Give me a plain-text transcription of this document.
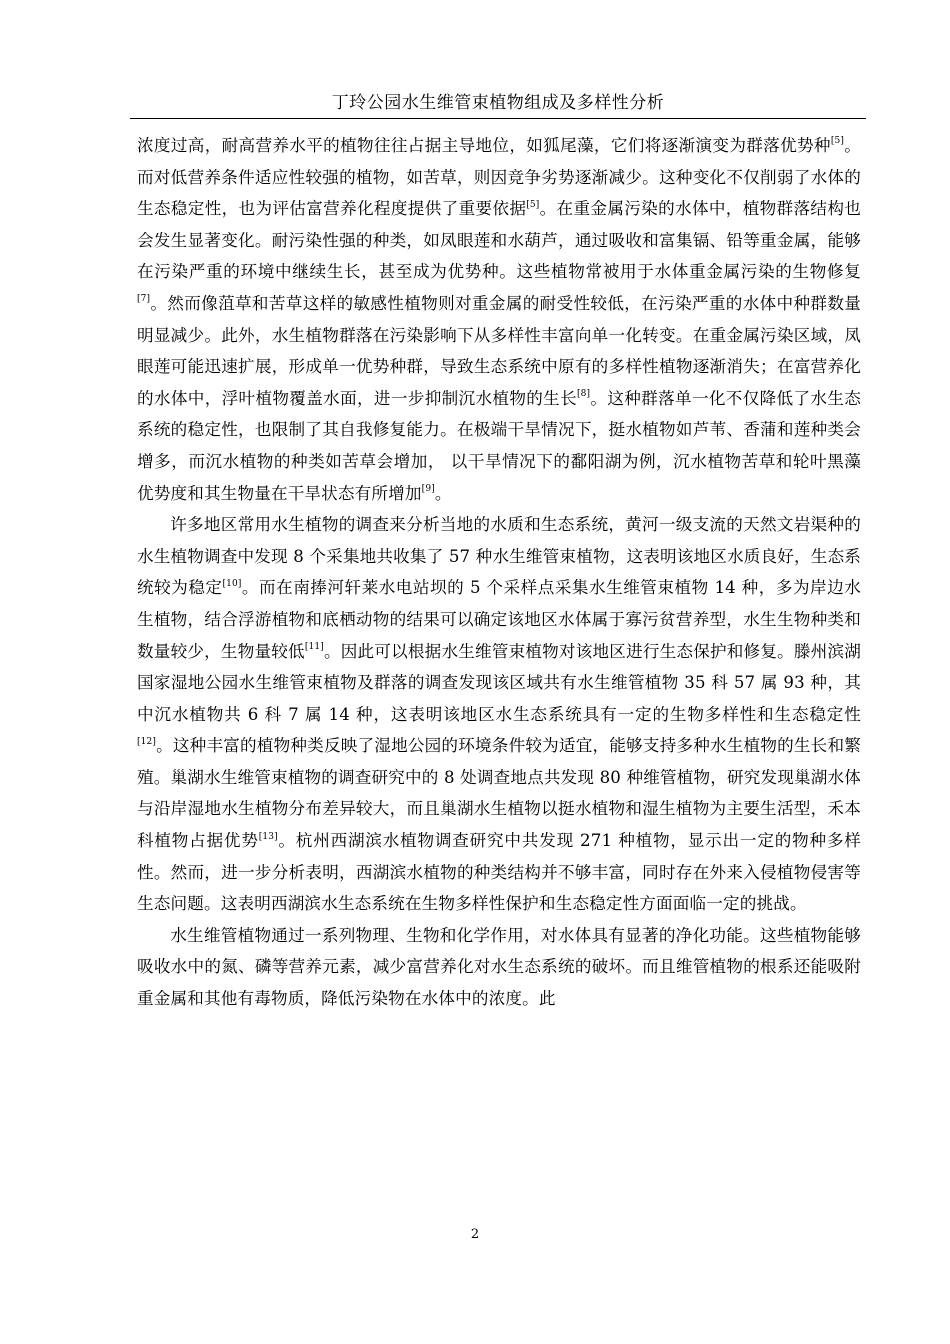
丁玲公园水生维管束植物组成及多样性分析

浓度过高，耐高营养水平的植物往往占据主导地位，如狐尾藻，它们将逐渐演变为群落优势种[5]。而对低营养条件适应性较强的植物，如苦草，则因竞争劣势逐渐减少。这种变化不仅削弱了水体的生态稳定性，也为评估富营养化程度提供了重要依据[5]。在重金属污染的水体中，植物群落结构也会发生显著变化。耐污染性强的种类，如凤眼莲和水葫芦，通过吸收和富集镉、铅等重金属，能够在污染严重的环境中继续生长，甚至成为优势种。这些植物常被用于水体重金属污染的生物修复[7]。然而像菹草和苦草这样的敏感性植物则对重金属的耐受性较低，在污染严重的水体中种群数量明显减少。此外，水生植物群落在污染影响下从多样性丰富向单一化转变。在重金属污染区域，凤眼莲可能迅速扩展，形成单一优势种群，导致生态系统中原有的多样性植物逐渐消失；在富营养化的水体中，浮叶植物覆盖水面，进一步抑制沉水植物的生长[8]。这种群落单一化不仅降低了水生态系统的稳定性，也限制了其自我修复能力。在极端干旱情况下，挺水植物如芦苇、香蒲和莲种类会增多，而沉水植物的种类如苦草会增加， 以干旱情况下的鄱阳湖为例，沉水植物苦草和轮叶黑藻优势度和其生物量在干旱状态有所增加[9]。

许多地区常用水生植物的调查来分析当地的水质和生态系统，黄河一级支流的天然文岩渠种的水生植物调查中发现 8 个采集地共收集了 57 种水生维管束植物，这表明该地区水质良好，生态系统较为稳定[10]。而在南捧河轩莱水电站坝的 5 个采样点采集水生维管束植物 14 种，多为岸边水生植物，结合浮游植物和底栖动物的结果可以确定该地区水体属于寡污贫营养型，水生生物种类和数量较少，生物量较低[11]。因此可以根据水生维管束植物对该地区进行生态保护和修复。滕州滨湖国家湿地公园水生维管束植物及群落的调查发现该区域共有水生维管植物 35 科 57 属 93 种，其中沉水植物共 6 科 7 属 14 种，这表明该地区水生态系统具有一定的生物多样性和生态稳定性[12]。这种丰富的植物种类反映了湿地公园的环境条件较为适宜，能够支持多种水生植物的生长和繁殖。巢湖水生维管束植物的调查研究中的 8 处调查地点共发现 80 种维管植物，研究发现巢湖水体与沿岸湿地水生植物分布差异较大，而且巢湖水生植物以挺水植物和湿生植物为主要生活型，禾本科植物占据优势[13]。杭州西湖滨水植物调查研究中共发现 271 种植物，显示出一定的物种多样性。然而，进一步分析表明，西湖滨水植物的种类结构并不够丰富，同时存在外来入侵植物侵害等生态问题。这表明西湖滨水生态系统在生物多样性保护和生态稳定性方面面临一定的挑战。

水生维管植物通过一系列物理、生物和化学作用，对水体具有显著的净化功能。这些植物能够吸收水中的氮、磷等营养元素，减少富营养化对水生态系统的破坏。而且维管植物的根系还能吸附重金属和其他有毒物质，降低污染物在水体中的浓度。此

2
